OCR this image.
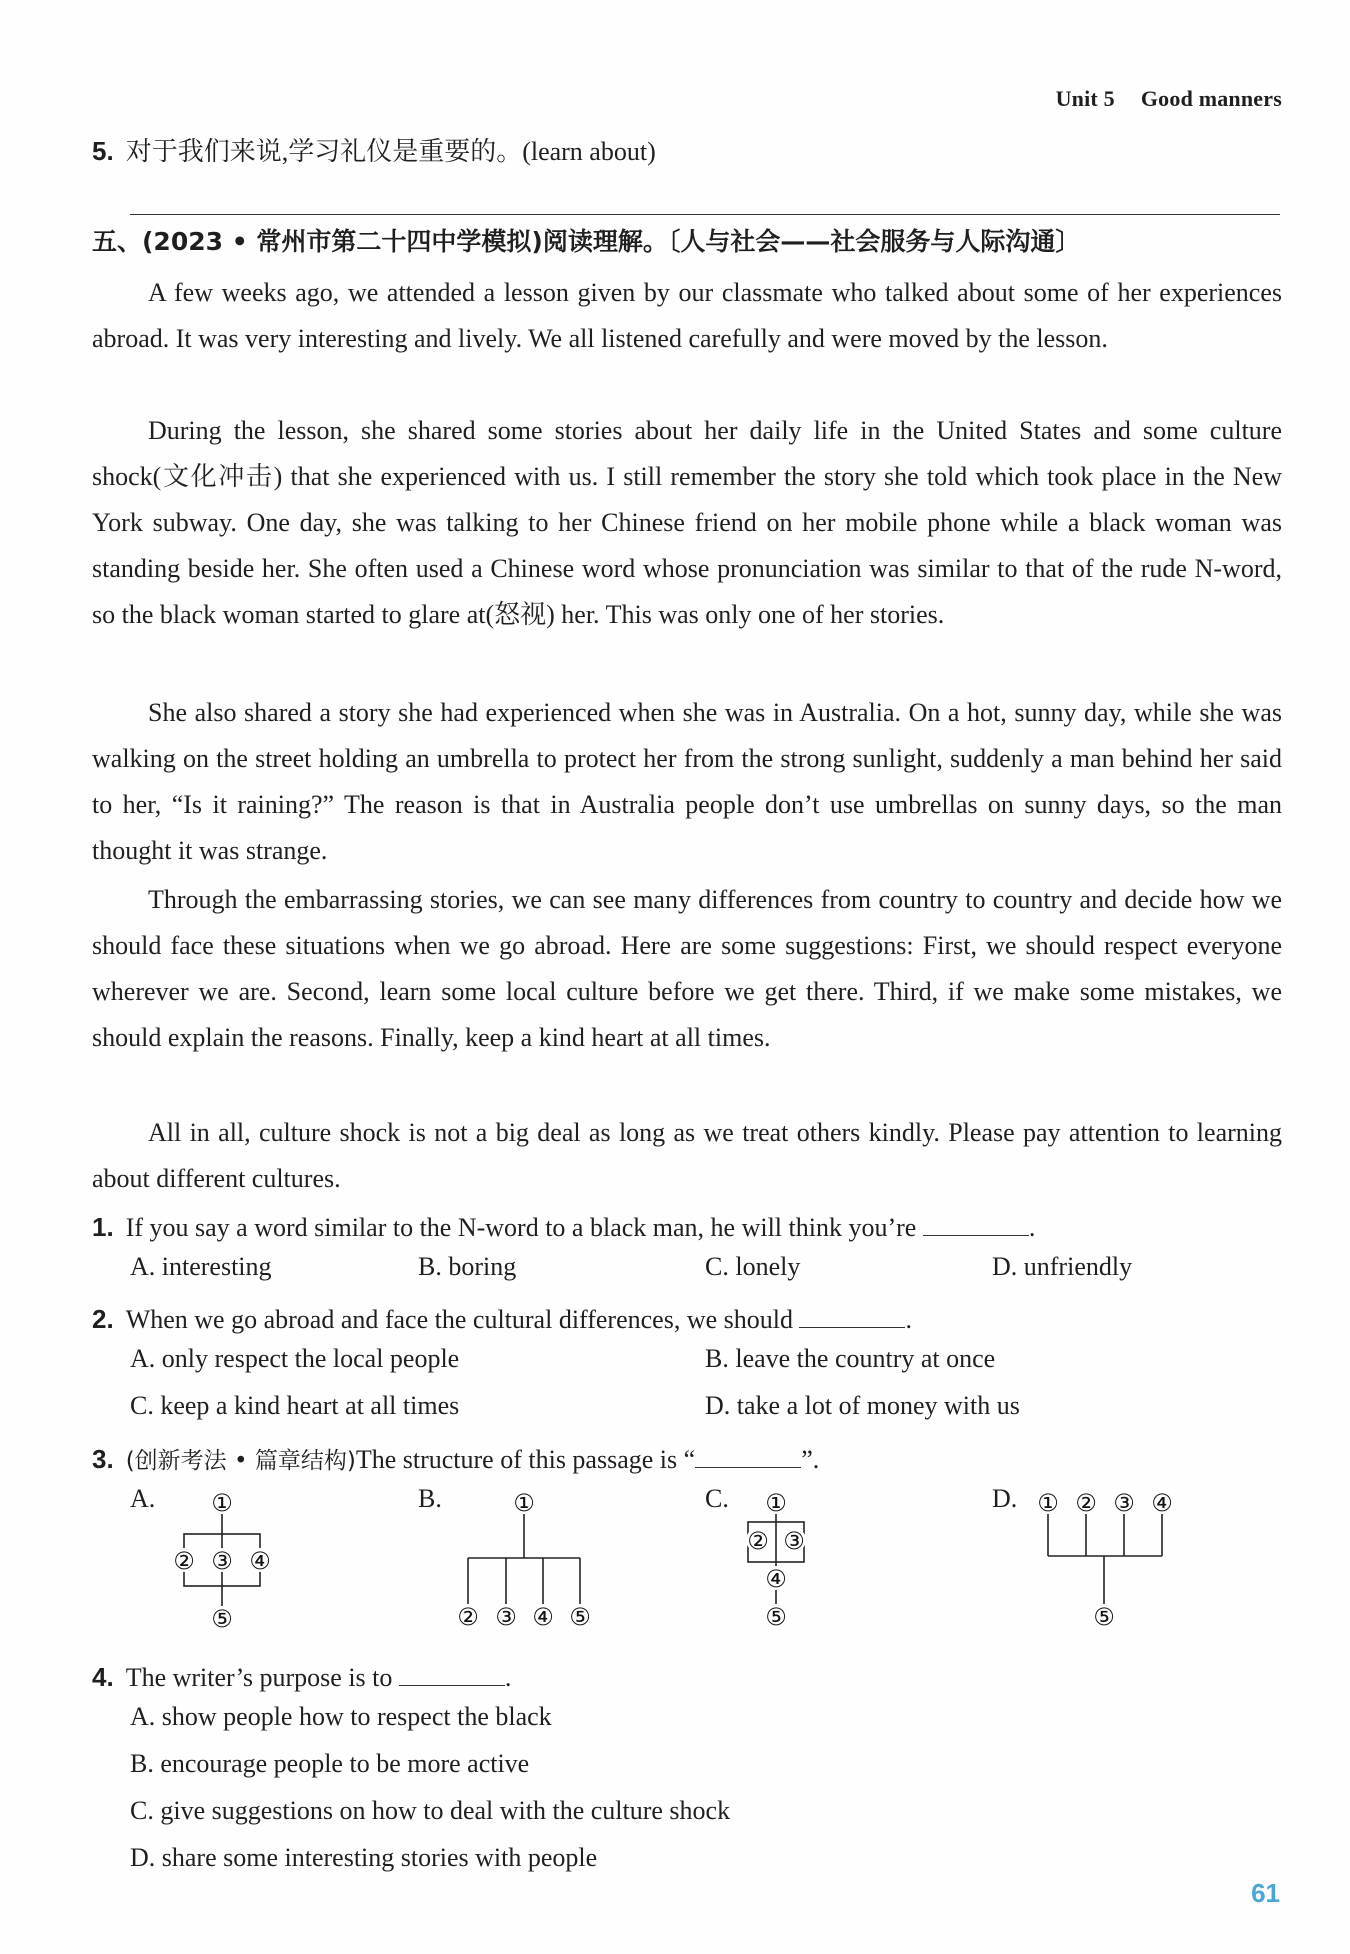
Unit 5 Good manners
5. 对于我们来说,学习礼仪是重要的。(learn about)
五、(2023 • 常州市第二十四中学模拟)阅读理解。〔人与社会——社会服务与人际沟通〕
A few weeks ago, we attended a lesson given by our classmate who talked about some of her experiences abroad. It was very interesting and lively. We all listened carefully and were moved by the lesson.
During the lesson, she shared some stories about her daily life in the United States and some culture shock(文化冲击) that she experienced with us. I still remember the story she told which took place in the New York subway. One day, she was talking to her Chinese friend on her mobile phone while a black woman was standing beside her. She often used a Chinese word whose pronunciation was similar to that of the rude N-word, so the black woman started to glare at(怒视) her. This was only one of her stories.
She also shared a story she had experienced when she was in Australia. On a hot, sunny day, while she was walking on the street holding an umbrella to protect her from the strong sunlight, suddenly a man behind her said to her, “Is it raining?” The reason is that in Australia people don’t use umbrellas on sunny days, so the man thought it was strange.
Through the embarrassing stories, we can see many differences from country to country and decide how we should face these situations when we go abroad. Here are some suggestions: First, we should respect everyone wherever we are. Second, learn some local culture before we get there. Third, if we make some mistakes, we should explain the reasons. Finally, keep a kind heart at all times.
All in all, culture shock is not a big deal as long as we treat others kindly. Please pay attention to learning about different cultures.
1. If you say a word similar to the N-word to a black man, he will think you’re	.
A. interesting	B. boring	C. lonely	D. unfriendly
2. When we go abroad and face the cultural differences, we should	.
A. only respect the local people	B. leave the country at once
C. keep a kind heart at all times	D. take a lot of money with us
3. (创新考法 • 篇章结构)The structure of this passage is “	”.
A.	B.	C.	D.
①
② ③ ④
⑤
①
② ③ ④ ⑤
①
② ③
④
⑤
① ② ③ ④
⑤
4. The writer’s purpose is to	.
A. show people how to respect the black
B. encourage people to be more active
C. give suggestions on how to deal with the culture shock
D. share some interesting stories with people
61
